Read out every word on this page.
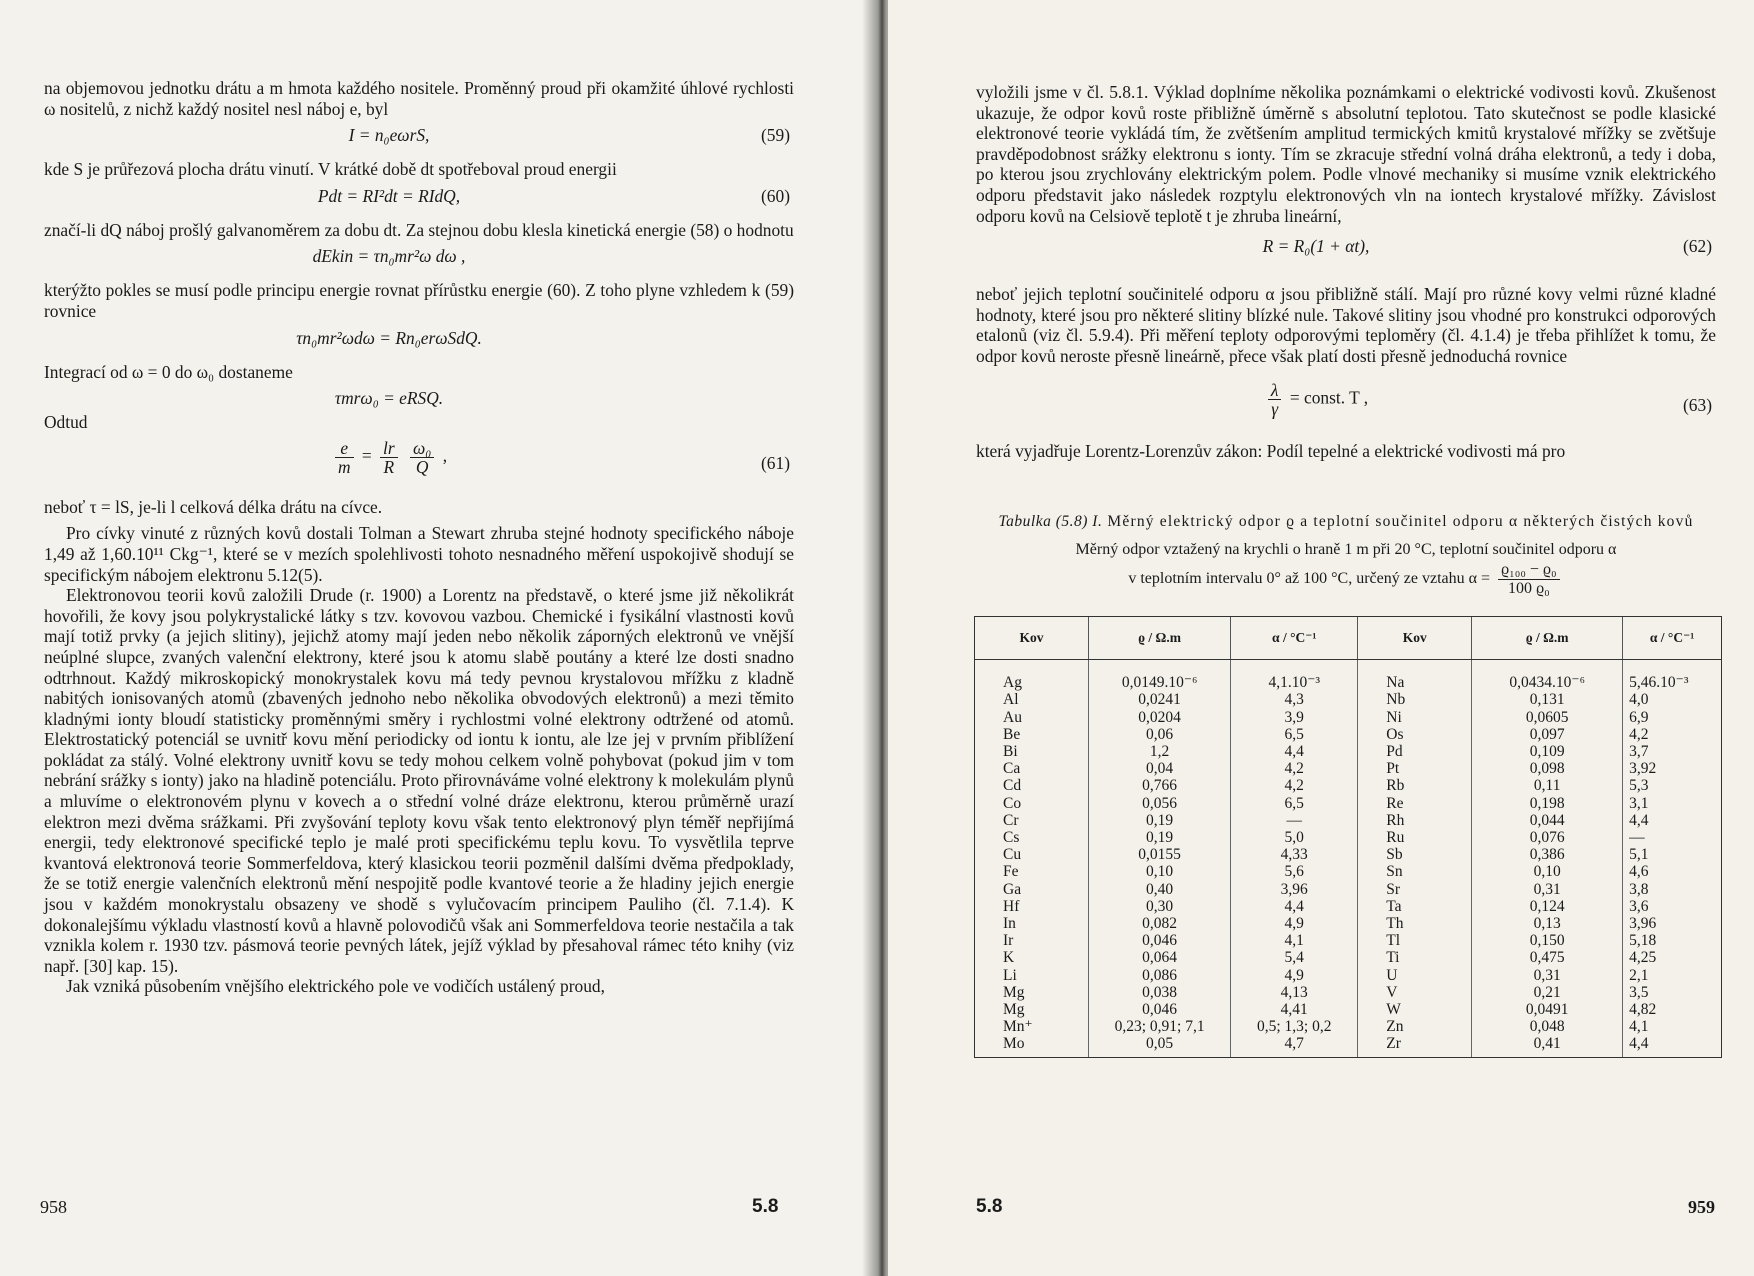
na objemovou jednotku drátu a m hmota každého nositele. Proměnný proud při okamžité úhlové rychlosti ω nositelů, z nichž každý nositel nesl náboj e, byl

I = n₀eωrS,	(59)

kde S je průřezová plocha drátu vinutí. V krátké době dt spotřeboval proud energii

Pdt = RI²dt = RIdQ,	(60)

značí-li dQ náboj prošlý galvanoměrem za dobu dt. Za stejnou dobu klesla kinetická energie (58) o hodnotu

dEkin = τn₀mr²ω dω ,

kterýžto pokles se musí podle principu energie rovnat přírůstku energie (60). Z toho plyne vzhledem k (59) rovnice

τn₀mr²ωdω = Rn₀erωSdQ.

Integrací od ω = 0 do ω₀ dostaneme

τmrω₀ = eRSQ.

Odtud

$\frac{e}{m} = \frac{lr}{R}$
$\frac{\text{ω₀}}{Q}$ ,	(61)

neboť τ = lS, je-li l celková délka drátu na cívce.

Pro cívky vinuté z různých kovů dostali Tolman a Stewart zhruba stejné hodnoty specifického náboje 1,49 až 1,60.10¹¹ Ckg⁻¹, které se v mezích spolehlivosti tohoto nesnadného měření uspokojivě shodují se specifickým nábojem elektronu 5.12(5).

Elektronovou teorii kovů založili Drude (r. 1900) a Lorentz na představě, o které jsme již několikrát hovořili, že kovy jsou polykrystalické látky s tzv. kovovou vazbou. Chemické i fysikální vlastnosti kovů mají totiž prvky (a jejich slitiny), jejichž atomy mají jeden nebo několik záporných elektronů ve vnější neúplné slupce, zvaných valenční elektrony, které jsou k atomu slabě poutány a které lze dosti snadno odtrhnout. Každý mikroskopický monokrystalek kovu má tedy pevnou krystalovou mřížku z kladně nabitých ionisovaných atomů (zbavených jednoho nebo několika obvodových elektronů) a mezi těmito kladnými ionty bloudí statisticky proměnnými směry i rychlostmi volné elektrony odtržené od atomů. Elektrostatický potenciál se uvnitř kovu mění periodicky od iontu k iontu, ale lze jej v prvním přiblížení pokládat za stálý. Volné elektrony uvnitř kovu se tedy mohou celkem volně pohybovat (pokud jim v tom nebrání srážky s ionty) jako na hladině potenciálu. Proto přirovnáváme volné elektrony k molekulám plynů a mluvíme o elektronovém plynu v kovech a o střední volné dráze elektronu, kterou průměrně urazí elektron mezi dvěma srážkami. Při zvyšování teploty kovu však tento elektronový plyn téměř nepřijímá energii, tedy elektronové specifické teplo je malé proti specifickému teplu kovu. To vysvětlila teprve kvantová elektronová teorie Sommerfeldova, který klasickou teorii pozměnil dalšími dvěma předpoklady, že se totiž energie valenčních elektronů mění nespojitě podle kvantové teorie a že hladiny jejich energie jsou v každém monokrystalu obsazeny ve shodě s vylučovacím principem Pauliho (čl. 7.1.4). K dokonalejšímu výkladu vlastností kovů a hlavně polovodičů však ani Sommerfeldova teorie nestačila a tak vznikla kolem r. 1930 tzv. pásmová teorie pevných látek, jejíž výklad by přesahoval rámec této knihy (viz např. [30] kap. 15).

Jak vzniká působením vnějšího elektrického pole ve vodičích ustálený proud,

958	5.8

vyložili jsme v čl. 5.8.1. Výklad doplníme několika poznámkami o elektrické vodivosti kovů. Zkušenost ukazuje, že odpor kovů roste přibližně úměrně s absolutní teplotou. Tato skutečnost se podle klasické elektronové teorie vykládá tím, že zvětšením amplitud termických kmitů krystalové mřížky se zvětšuje pravděpodobnost srážky elektronu s ionty. Tím se zkracuje střední volná dráha elektronů, a tedy i doba, po kterou jsou zrychlovány elektrickým polem. Podle vlnové mechaniky si musíme vznik elektrického odporu představit jako následek rozptylu elektronových vln na iontech krystalové mřížky. Závislost odporu kovů na Celsiově teplotě t je zhruba lineární,

R = R₀(1 + αt),	(62)

neboť jejich teplotní součinitelé odporu α jsou přibližně stálí. Mají pro různé kovy velmi různé kladné hodnoty, které jsou pro některé slitiny blízké nule. Takové slitiny jsou vhodné pro konstrukci odporových etalonů (viz čl. 5.9.4). Při měření teploty odporovými teploměry (čl. 4.1.4) je třeba přihlížet k tomu, že odpor kovů neroste přesně lineárně, přece však platí dosti přesně jednoduchá rovnice

$\frac{\lambda}{\gamma}$ = const. T ,	(63)

která vyjadřuje Lorentz-Lorenzův zákon: Podíl tepelné a elektrické vodivosti má pro

Tabulka (5.8) I. Měrný elektrický odpor ϱ a teplotní součinitel odporu α některých čistých kovů
Měrný odpor vztažený na krychli o hraně 1 m při 20 °C, teplotní součinitel odporu α
v teplotním intervalu 0° až 100 °C, určený ze vztahu $\alpha = \frac{\text{ϱ₁₀₀ − ϱ₀}}{\text{100 ϱ₀}}$
Kov	ϱ / Ω.m	α / °C⁻¹	Kov	ϱ / Ω.m	α / °C⁻¹

Ag	0,0149.10⁻⁶	4,1.10⁻³	Na	0,0434.10⁻⁶	5,46.10⁻³
Al	0,0241	4,3	Nb	0,131	4,0
Au	0,0204	3,9	Ni	0,0605	6,9
Be	0,06	6,5	Os	0,097	4,2
Bi	1,2	4,4	Pd	0,109	3,7
Ca	0,04	4,2	Pt	0,098	3,92
Cd	0,766	4,2	Rb	0,11	5,3
Co	0,056	6,5	Re	0,198	3,1
Cr	0,19	—	Rh	0,044	4,4
Cs	0,19	5,0	Ru	0,076	—
Cu	0,0155	4,33	Sb	0,386	5,1
Fe	0,10	5,6	Sn	0,10	4,6
Ga	0,40	3,96	Sr	0,31	3,8
Hf	0,30	4,4	Ta	0,124	3,6
In	0,082	4,9	Th	0,13	3,96
Ir	0,046	4,1	Tl	0,150	5,18
K	0,064	5,4	Ti	0,475	4,25
Li	0,086	4,9	U	0,31	2,1
Mg	0,038	4,13	V	0,21	3,5
Mg	0,046	4,41	W	0,0491	4,82
Mn⁺	0,23; 0,91; 7,1	0,5; 1,3; 0,2	Zn	0,048	4,1
Mo	0,05	4,7	Zr	0,41	4,4
5.8	959
